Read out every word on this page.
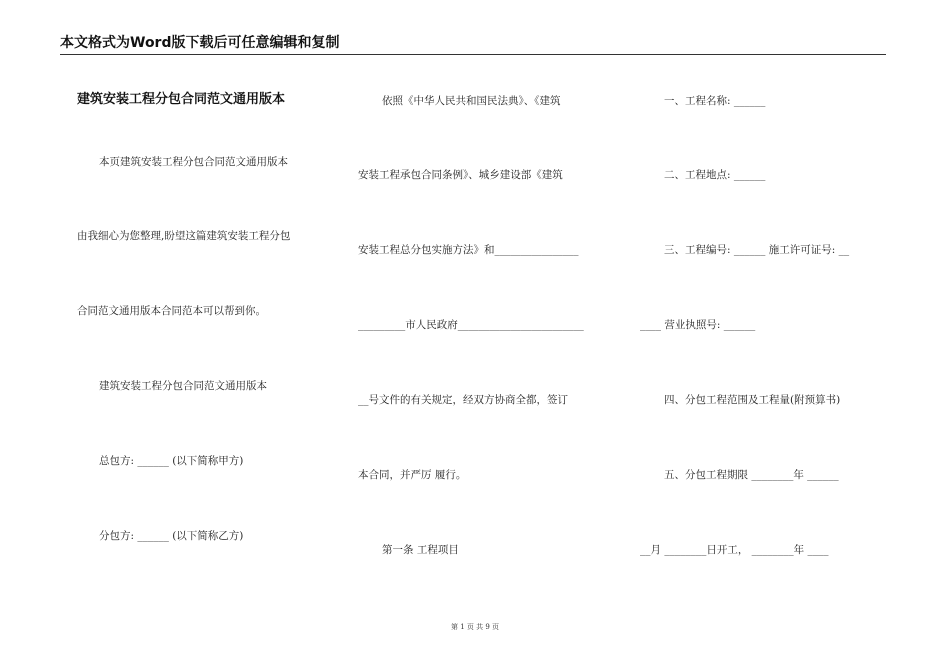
本文格式为Word版下载后可任意编辑和复制
建筑安装工程分包合同范文通用版本
本页建筑安装工程分包合同范文通用版本
由我细心为您整理,盼望这篇建筑安装工程分包
合同范文通用版本合同范本可以帮到你。
建筑安装工程分包合同范文通用版本
总包方: ______ (以下简称甲方)
分包方: ______ (以下简称乙方)
依照《中华人民共和国民法典》、《建筑
安装工程承包合同条例》、城乡建设部《建筑
安装工程总分包实施方法》和________________
_________市人民政府________________________
__号文件的有关规定，经双方协商全都，签订
本合同，并严厉 履行。
第一条 工程项目
一、工程名称: ______
二、工程地点: ______
三、工程编号: ______ 施工许可证号: __
____ 营业执照号: ______
四、分包工程范围及工程量(附预算书)
五、分包工程期限 ________年 ______
__月 ________日开工， ________年 ____
第 1 页 共 9 页
